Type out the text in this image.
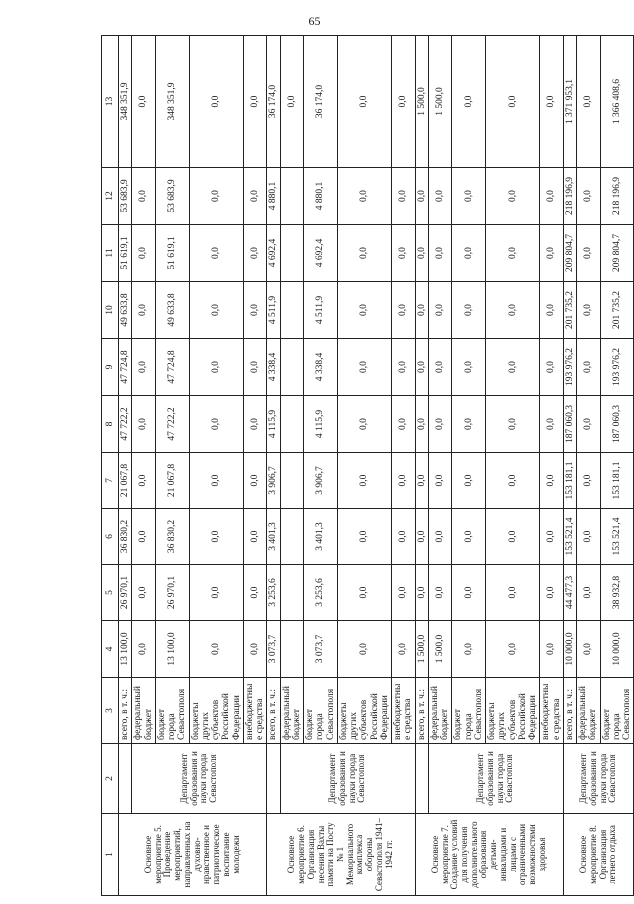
65
1	2	3	4	5	6	7	8	9	10	11	12	13
Основное мероприятие 5. Проведение мероприятий, направленных на духовно-нравственное и патриотическое воспитание молодежи		всего, в т. ч.:	13 100,0	26 970,1	36 830,2	21 067,8	47 722,2	47 724,8	49 633,8	51 619,1	53 683,9	348 351,9
	Департамент образования и науки города Севастополя	федеральный бюджет	0,0	0,0	0,0	0,0	0,0	0,0	0,0	0,0	0,0	0,0
		бюджет города Севастополя	13 100,0	26 970,1	36 830,2	21 067,8	47 722,2	47 724,8	49 633,8	51 619,1	53 683,9	348 351,9
		бюджеты других субъектов Российской Федерации	0,0	0,0	0,0	0,0	0,0	0,0	0,0	0,0	0,0	0,0
		внебюджетные средства	0,0	0,0	0,0	0,0	0,0	0,0	0,0	0,0	0,0	0,0
Основное мероприятие 6. Организация несения Вахты памяти на Посту № 1 Мемориального комплекса обороны Севастополя 1941–1942 гг.		всего, в т. ч.:	3 073,7	3 253,6	3 401,3	3 906,7	4 115,9	4 338,4	4 511,9	4 692,4	4 880,1	36 174,0
	Департамент образования и науки города Севастополя	федеральный бюджет										0,0
		бюджет города Севастополя	3 073,7	3 253,6	3 401,3	3 906,7	4 115,9	4 338,4	4 511,9	4 692,4	4 880,1	36 174,0
		бюджеты других субъектов Российской Федерации	0,0	0,0	0,0	0,0	0,0	0,0	0,0	0,0	0,0	0,0
		внебюджетные средства	0,0	0,0	0,0	0,0	0,0	0,0	0,0	0,0	0,0	0,0
Основное мероприятие 7. Создание условий для получения дополнительного образования детьми-инвалидами и лицами с ограниченными возможностями здоровья		всего, в т. ч.:	1 500,0	0,0	0,0	0,0	0,0	0,0	0,0	0,0	0,0	1 500,0
	Департамент образования и науки города Севастополя	федеральный бюджет	1 500,0	0,0	0,0	0,0	0,0	0,0	0,0	0,0	0,0	1 500,0
		бюджет города Севастополя	0,0	0,0	0,0	0,0	0,0	0,0	0,0	0,0	0,0	0,0
		бюджеты других субъектов Российской Федерации	0,0	0,0	0,0	0,0	0,0	0,0	0,0	0,0	0,0	0,0
		внебюджетные средства	0,0	0,0	0,0	0,0	0,0	0,0	0,0	0,0	0,0	0,0
Основное мероприятие 8. Организация летнего отдыха	Департамент образования и науки города Севастополя	всего, в т. ч.:	10 000,0	44 477,3	153 521,4	153 181,1	187 060,3	193 976,2	201 735,2	209 804,7	218 196,9	1 371 953,1
		федеральный бюджет	0,0	0,0	0,0	0,0	0,0	0,0	0,0	0,0	0,0	0,0
		бюджет города Севастополя	10 000,0	38 932,8	153 521,4	153 181,1	187 060,3	193 976,2	201 735,2	209 804,7	218 196,9	1 366 408,6
